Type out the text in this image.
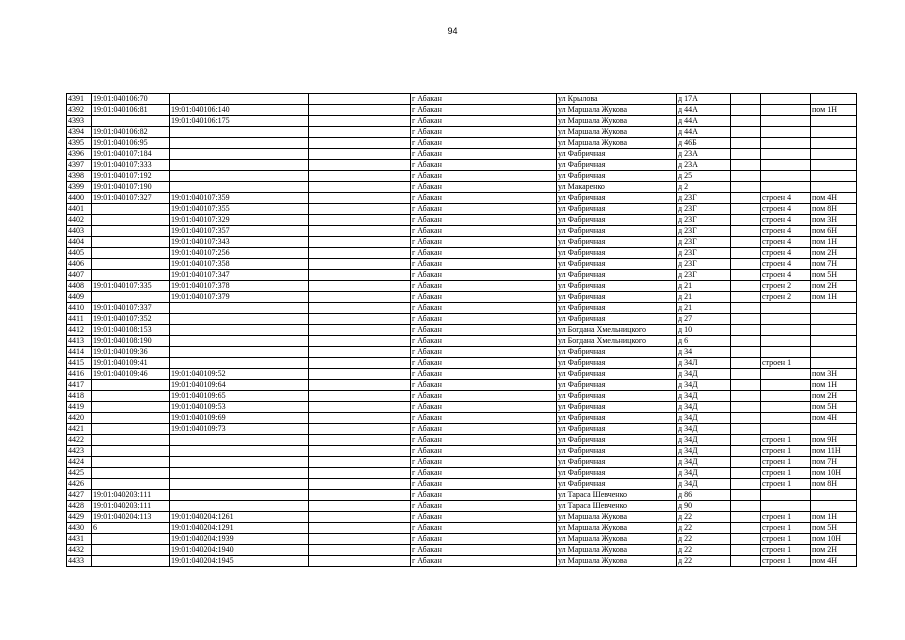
94
4391	19:01:040106:70			г Абакан	ул Крылова	д 17А			
4392	19:01:040106:81	19:01:040106:140		г Абакан	ул Маршала Жукова	д 44А			пом 1Н
4393		19:01:040106:175		г Абакан	ул Маршала Жукова	д 44А			
4394	19:01:040106:82			г Абакан	ул Маршала Жукова	д 44А			
4395	19:01:040106:95			г Абакан	ул Маршала Жукова	д 46Б			
4396	19:01:040107:184			г Абакан	ул Фабричная	д 23А			
4397	19:01:040107:333			г Абакан	ул Фабричная	д 23А			
4398	19:01:040107:192			г Абакан	ул Фабричная	д 25			
4399	19:01:040107:190			г Абакан	ул Макаренко	д 2			
4400	19:01:040107:327	19:01:040107:359		г Абакан	ул Фабричная	д 23Г		строен 4	пом 4Н
4401		19:01:040107:355		г Абакан	ул Фабричная	д 23Г		строен 4	пом 8Н
4402		19:01:040107:329		г Абакан	ул Фабричная	д 23Г		строен 4	пом 3Н
4403		19:01:040107:357		г Абакан	ул Фабричная	д 23Г		строен 4	пом 6Н
4404		19:01:040107:343		г Абакан	ул Фабричная	д 23Г		строен 4	пом 1Н
4405		19:01:040107:256		г Абакан	ул Фабричная	д 23Г		строен 4	пом 2Н
4406		19:01:040107:358		г Абакан	ул Фабричная	д 23Г		строен 4	пом 7Н
4407		19:01:040107:347		г Абакан	ул Фабричная	д 23Г		строен 4	пом 5Н
4408	19:01:040107:335	19:01:040107:378		г Абакан	ул Фабричная	д 21		строен 2	пом 2Н
4409		19:01:040107:379		г Абакан	ул Фабричная	д 21		строен 2	пом 1Н
4410	19:01:040107:337			г Абакан	ул Фабричная	д 21			
4411	19:01:040107:352			г Абакан	ул Фабричная	д 27			
4412	19:01:040108:153			г Абакан	ул Богдана Хмельницкого	д 10			
4413	19:01:040108:190			г Абакан	ул Богдана Хмельницкого	д 6			
4414	19:01:040109:36			г Абакан	ул Фабричная	д 34			
4415	19:01:040109:41			г Абакан	ул Фабричная	д 34Л		строен 1	
4416	19:01:040109:46	19:01:040109:52		г Абакан	ул Фабричная	д 34Д			пом 3Н
4417		19:01:040109:64		г Абакан	ул Фабричная	д 34Д			пом 1Н
4418		19:01:040109:65		г Абакан	ул Фабричная	д 34Д			пом 2Н
4419		19:01:040109:53		г Абакан	ул Фабричная	д 34Д			пом 5Н
4420		19:01:040109:69		г Абакан	ул Фабричная	д 34Д			пом 4Н
4421		19:01:040109:73		г Абакан	ул Фабричная	д 34Д			
4422				г Абакан	ул Фабричная	д 34Д		строен 1	пом 9Н
4423				г Абакан	ул Фабричная	д 34Д		строен 1	пом 11Н
4424				г Абакан	ул Фабричная	д 34Д		строен 1	пом 7Н
4425				г Абакан	ул Фабричная	д 34Д		строен 1	пом 10Н
4426				г Абакан	ул Фабричная	д 34Д		строен 1	пом 8Н
4427	19:01:040203:111			г Абакан	ул Тараса Шевченко	д 86			
4428	19:01:040203:111			г Абакан	ул Тараса Шевченко	д 90			
4429	19:01:040204:113	19:01:040204:1261		г Абакан	ул Маршала Жукова	д 22		строен 1	пом 1Н
4430	6	19:01:040204:1291		г Абакан	ул Маршала Жукова	д 22		строен 1	пом 5Н
4431		19:01:040204:1939		г Абакан	ул Маршала Жукова	д 22		строен 1	пом 10Н
4432		19:01:040204:1940		г Абакан	ул Маршала Жукова	д 22		строен 1	пом 2Н
4433		19:01:040204:1945		г Абакан	ул Маршала Жукова	д 22		строен 1	пом 4Н
